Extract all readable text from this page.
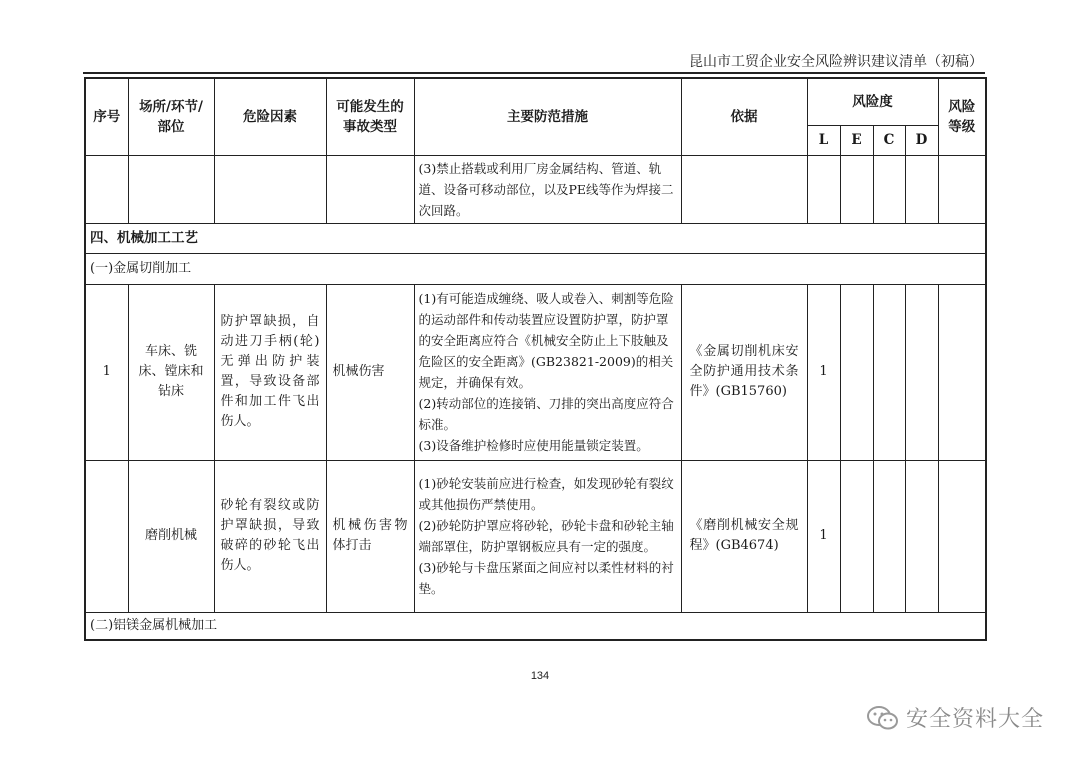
昆山市工贸企业安全风险辨识建议清单（初稿）
序号	场所/环节/部位	危险因素	可能发生的事故类型	主要防范措施	依据	风险度				风险等级
						L	E	C	D	
				(3)禁止搭载或利用厂房金属结构、管道、轨道、设备可移动部位，以及PE线等作为焊接二次回路。						
四、机械加工工艺										
(一)金属切削加工										
1	车床、铣床、镗床和钻床	防护罩缺损，自动进刀手柄(轮)无弹出防护装置，导致设备部件和加工件飞出伤人。	机械伤害	(1)有可能造成缠绕、吸人或卷入、刺割等危险的运动部件和传动装置应设置防护罩，防护罩的安全距离应符合《机械安全防止上下肢触及危险区的安全距离》(GB23821-2009)的相关规定，并确保有效。
(2)转动部位的连接销、刀排的突出高度应符合标准。
(3)设备维护检修时应使用能量锁定装置。	《金属切削机床安全防护通用技术条件》(GB15760)	1				
	磨削机械	砂轮有裂纹或防护罩缺损，导致破碎的砂轮飞出伤人。	机械伤害物体打击	(1)砂轮安装前应进行检查，如发现砂轮有裂纹或其他损伤严禁使用。
(2)砂轮防护罩应将砂轮，砂轮卡盘和砂轮主轴端部罩住，防护罩钢板应具有一定的强度。
(3)砂轮与卡盘压紧面之间应衬以柔性材料的衬垫。	《磨削机械安全规程》(GB4674)	1				
(二)铝镁金属机械加工										
134
安全资料大全
